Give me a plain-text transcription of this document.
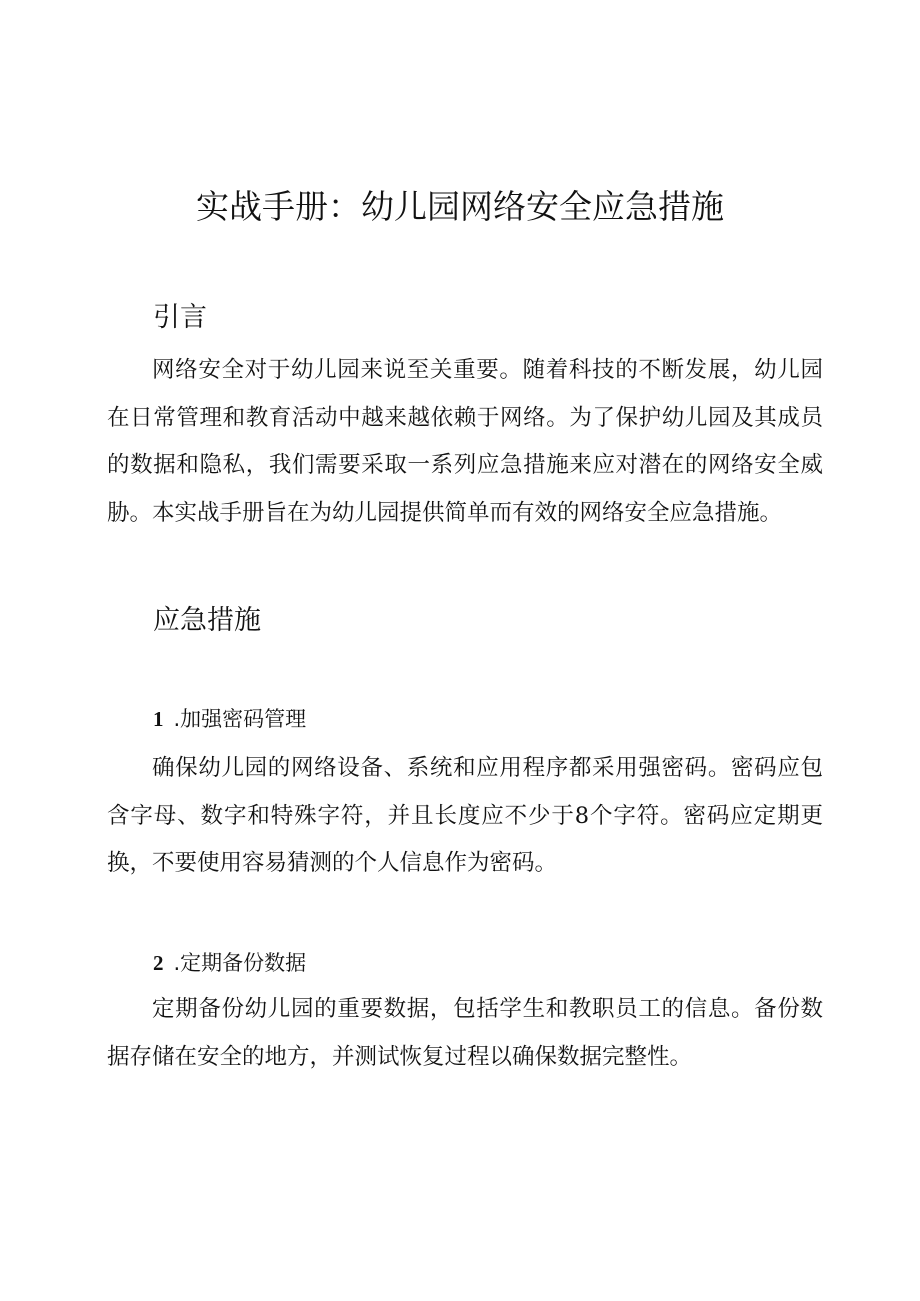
实战手册：幼儿园网络安全应急措施
引言

网络安全对于幼儿园来说至关重要。随着科技的不断发展，幼儿园在日常管理和教育活动中越来越依赖于网络。为了保护幼儿园及其成员的数据和隐私，我们需要采取一系列应急措施来应对潜在的网络安全威胁。本实战手册旨在为幼儿园提供简单而有效的网络安全应急措施。

应急措施
1 .加强密码管理

确保幼儿园的网络设备、系统和应用程序都采用强密码。密码应包含字母、数字和特殊字符，并且长度应不少于8个字符。密码应定期更换，不要使用容易猜测的个人信息作为密码。

2 .定期备份数据

定期备份幼儿园的重要数据，包括学生和教职员工的信息。备份数据存储在安全的地方，并测试恢复过程以确保数据完整性。
